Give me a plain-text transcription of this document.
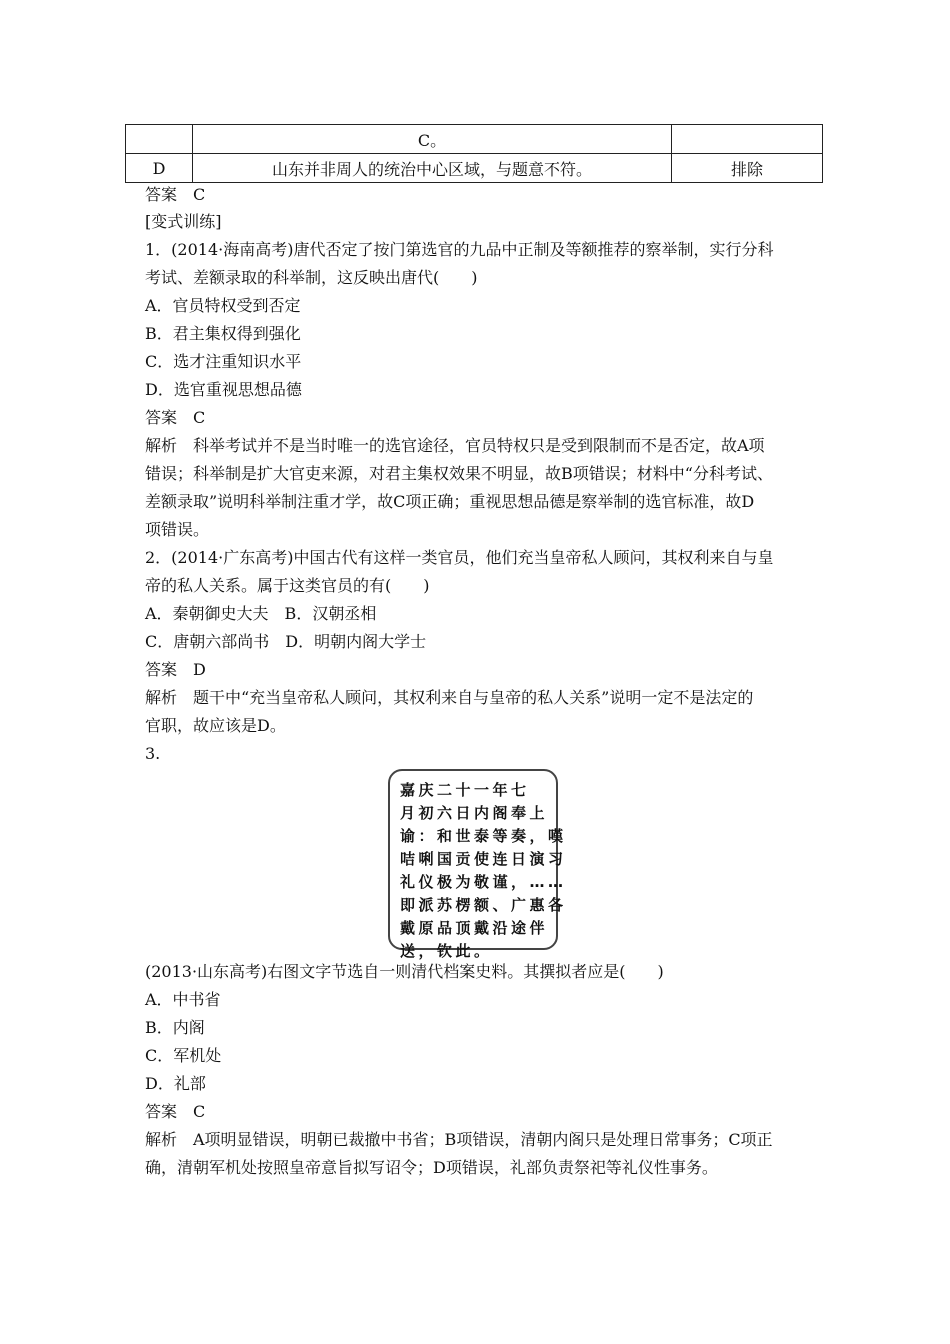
	C。	
D	山东并非周人的统治中心区域，与题意不符。	排除
答案　C
[变式训练]
1．(2014·海南高考)唐代否定了按门第选官的九品中正制及等额推荐的察举制，实行分科
考试、差额录取的科举制，这反映出唐代(　　)
A．官员特权受到否定
B．君主集权得到强化
C．选才注重知识水平
D．选官重视思想品德
答案　C
解析　科举考试并不是当时唯一的选官途径，官员特权只是受到限制而不是否定，故A项
错误；科举制是扩大官吏来源，对君主集权效果不明显，故B项错误；材料中“分科考试、
差额录取”说明科举制注重才学，故C项正确；重视思想品德是察举制的选官标准，故D
项错误。
2．(2014·广东高考)中国古代有这样一类官员，他们充当皇帝私人顾问，其权利来自与皇
帝的私人关系。属于这类官员的有(　　)
A．秦朝御史大夫　B．汉朝丞相
C．唐朝六部尚书　D．明朝内阁大学士
答案　D
解析　题干中“充当皇帝私人顾问，其权利来自与皇帝的私人关系”说明一定不是法定的
官职，故应该是D。
3.
(2013·山东高考)右图文字节选自一则清代档案史料。其撰拟者应是(　　)
A．中书省
B．内阁
C．军机处
D．礼部
答案　C
解析　A项明显错误，明朝已裁撤中书省；B项错误，清朝内阁只是处理日常事务；C项正
确，清朝军机处按照皇帝意旨拟写诏令；D项错误，礼部负责祭祀等礼仪性事务。
嘉庆二十一年七
月初六日内阁奉上
谕：和世泰等奏，嘆
咭唎国贡使连日演习
礼仪极为敬谨，……
即派苏楞额、广惠各
戴原品顶戴沿途伴
送，钦此。
